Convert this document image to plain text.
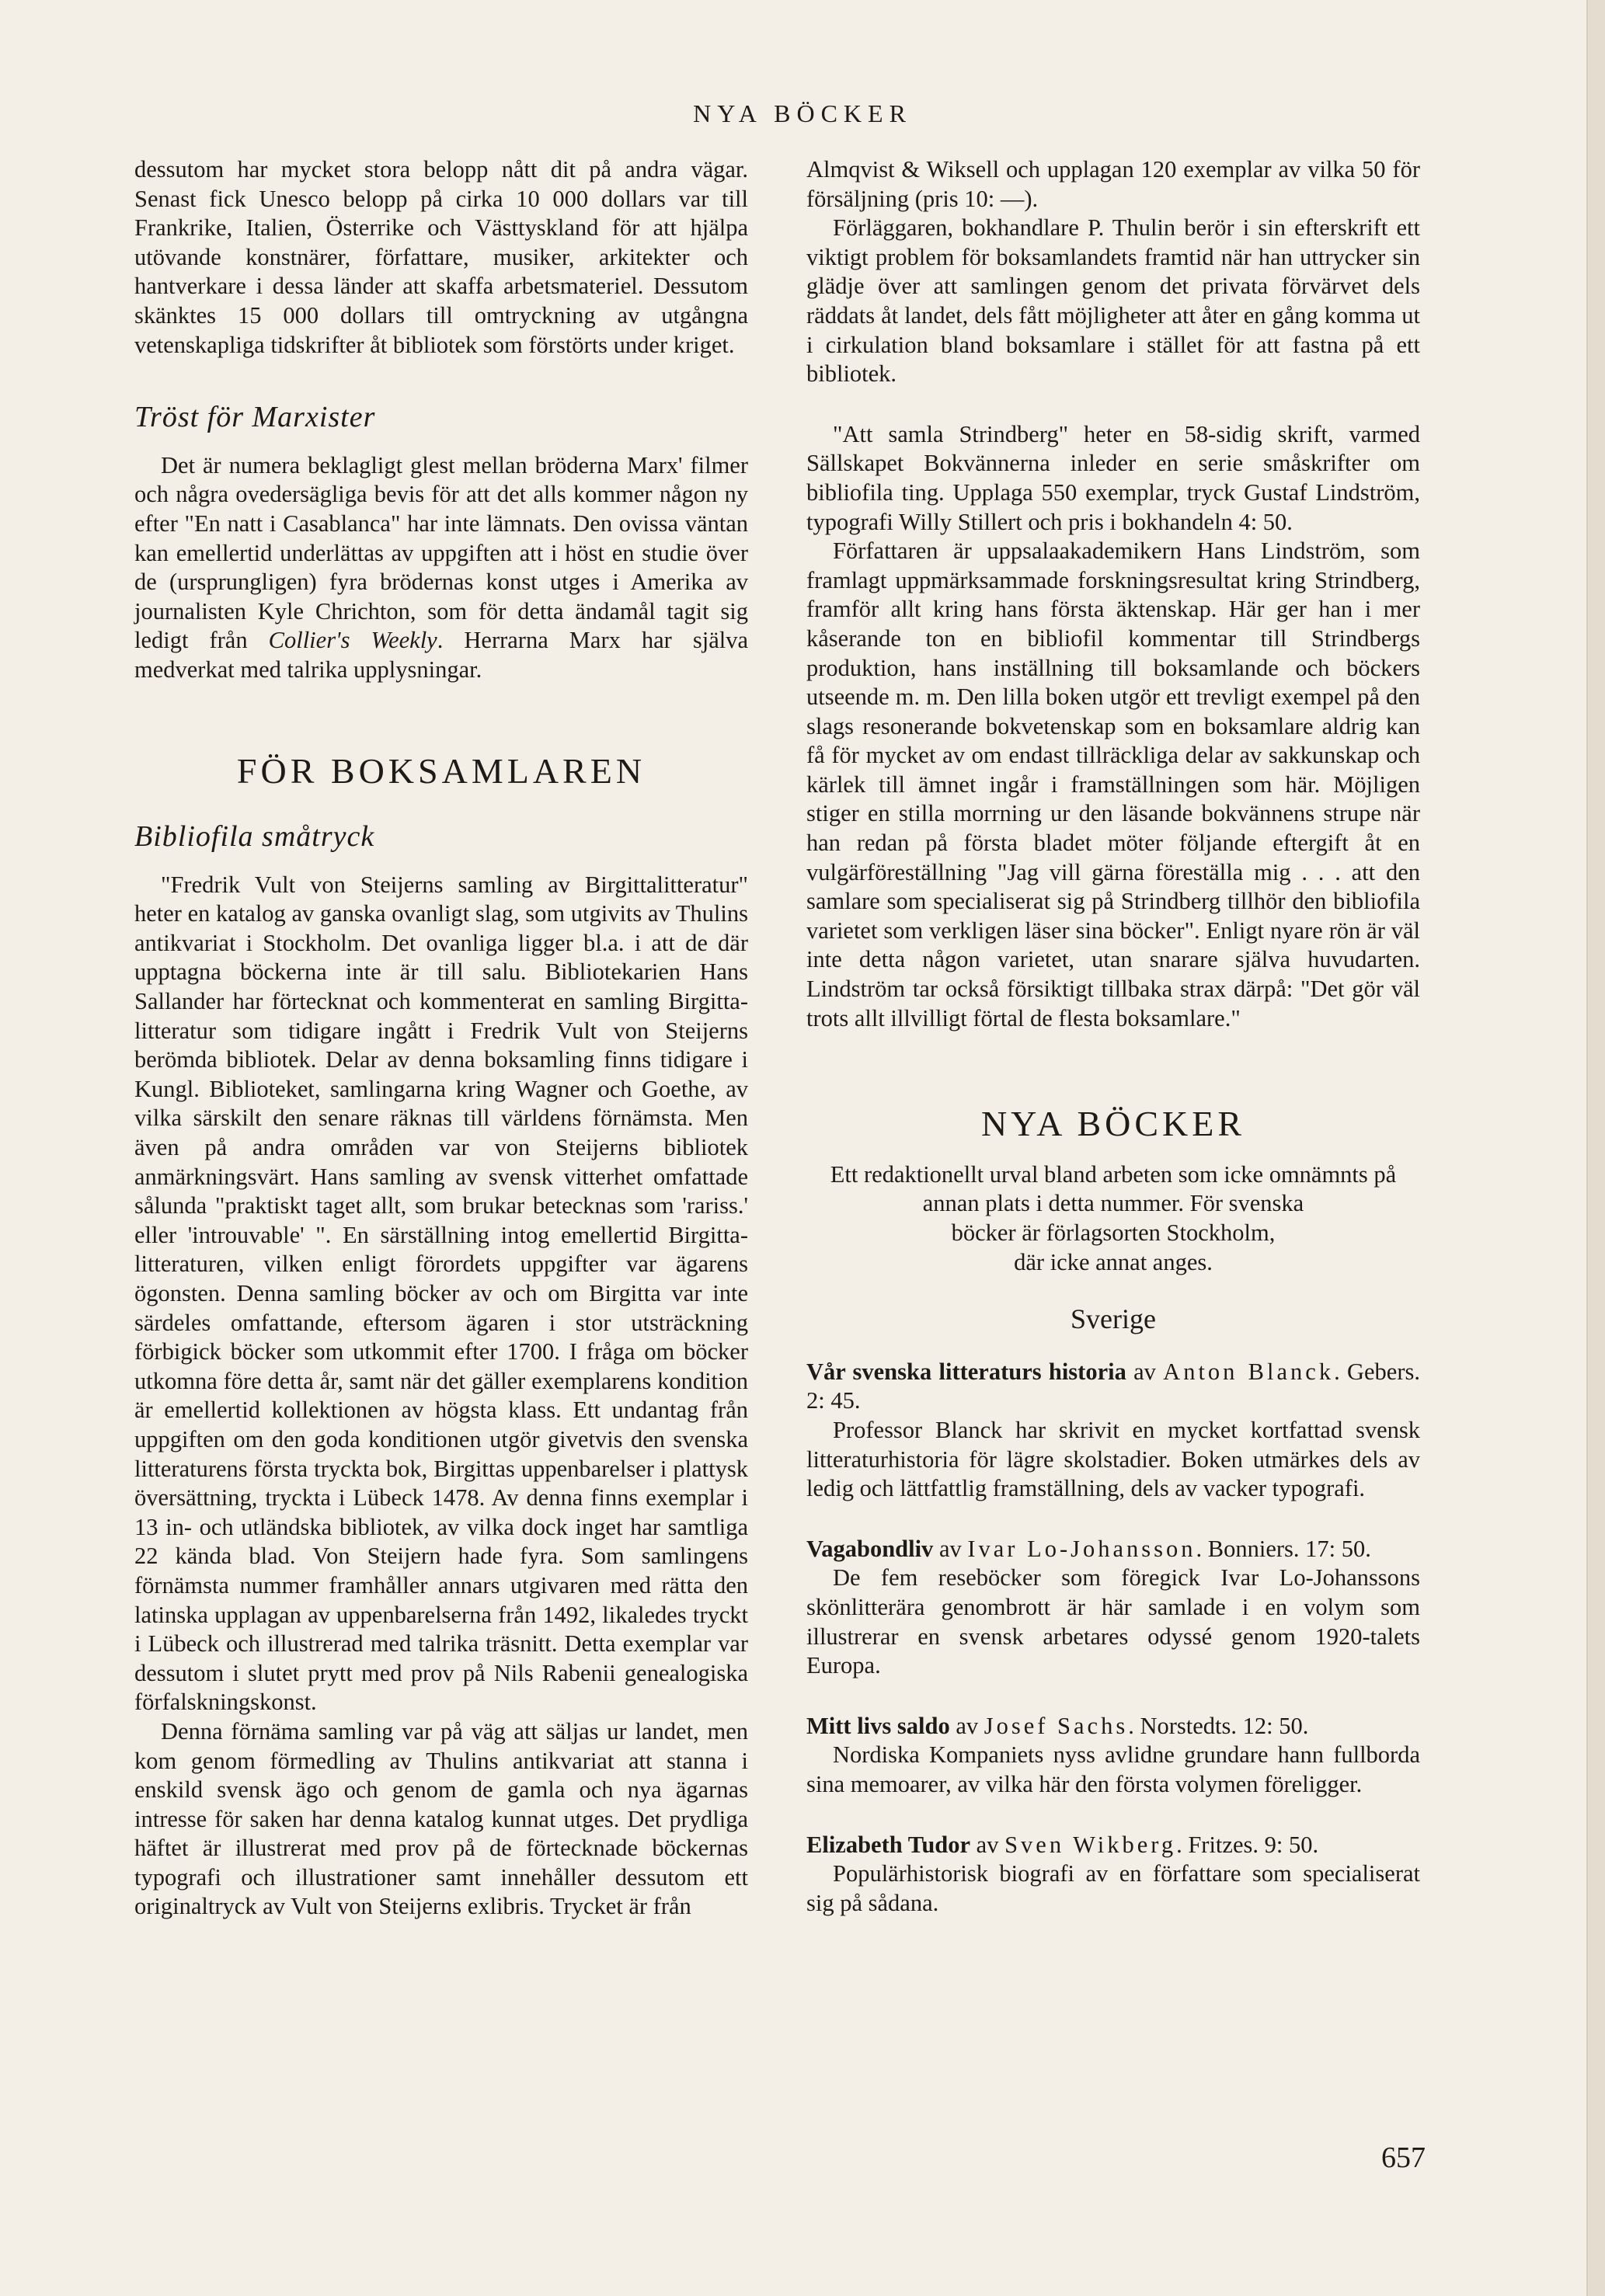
NYA BÖCKER

dessutom har mycket stora belopp nått dit på andra vägar. Senast fick Unesco belopp på cirka 10 000 dollars var till Frankrike, Italien, Österrike och Västtyskland för att hjälpa utövande konstnärer, författare, musiker, arkitekter och hantverkare i dessa länder att skaffa arbetsmateriel. Dessutom skänktes 15 000 dollars till omtryckning av utgångna vetenskapliga tidskrifter åt bibliotek som förstörts under kriget.

Tröst för Marxister

Det är numera beklagligt glest mellan bröderna Marx' filmer och några ovedersägliga bevis för att det alls kommer någon ny efter "En natt i Casablanca" har inte lämnats. Den ovissa väntan kan emellertid underlättas av uppgiften att i höst en studie över de (ursprungligen) fyra brödernas konst utges i Amerika av journalisten Kyle Chrichton, som för detta ändamål tagit sig ledigt från Collier's Weekly. Herrarna Marx har själva medverkat med talrika upplysningar.

FÖR BOKSAMLAREN
Bibliofila småtryck

"Fredrik Vult von Steijerns samling av Birgittalitteratur" heter en katalog av ganska ovanligt slag, som utgivits av Thulins antikvariat i Stockholm. Det ovanliga ligger bl.a. i att de där upptagna böckerna inte är till salu. Bibliotekarien Hans Sallander har förtecknat och kommenterat en samling Birgitta-litteratur som tidigare ingått i Fredrik Vult von Steijerns berömda bibliotek. Delar av denna boksamling finns tidigare i Kungl. Biblioteket, samlingarna kring Wagner och Goethe, av vilka särskilt den senare räknas till världens förnämsta. Men även på andra områden var von Steijerns bibliotek anmärkningsvärt. Hans samling av svensk vitterhet omfattade sålunda "praktiskt taget allt, som brukar betecknas som 'rariss.' eller 'introuvable' ". En särställning intog emellertid Birgitta-litteraturen, vilken enligt förordets uppgifter var ägarens ögonsten. Denna samling böcker av och om Birgitta var inte särdeles omfattande, eftersom ägaren i stor utsträckning förbigick böcker som utkommit efter 1700. I fråga om böcker utkomna före detta år, samt när det gäller exemplarens kondition är emellertid kollektionen av högsta klass. Ett undantag från uppgiften om den goda konditionen utgör givetvis den svenska litteraturens första tryckta bok, Birgittas uppenbarelser i plattysk översättning, tryckta i Lübeck 1478. Av denna finns exemplar i 13 in- och utländska bibliotek, av vilka dock inget har samtliga 22 kända blad. Von Steijern hade fyra. Som samlingens förnämsta nummer framhåller annars utgivaren med rätta den latinska upplagan av uppenbarelserna från 1492, likaledes tryckt i Lübeck och illustrerad med talrika träsnitt. Detta exemplar var dessutom i slutet prytt med prov på Nils Rabenii genealogiska förfalskningskonst.

Denna förnäma samling var på väg att säljas ur landet, men kom genom förmedling av Thulins antikvariat att stanna i enskild svensk ägo och genom de gamla och nya ägarnas intresse för saken har denna katalog kunnat utges. Det prydliga häftet är illustrerat med prov på de förtecknade böckernas typografi och illustrationer samt innehåller dessutom ett originaltryck av Vult von Steijerns exlibris. Trycket är från

Almqvist & Wiksell och upplagan 120 exemplar av vilka 50 för försäljning (pris 10: —).

Förläggaren, bokhandlare P. Thulin berör i sin efterskrift ett viktigt problem för boksamlandets framtid när han uttrycker sin glädje över att samlingen genom det privata förvärvet dels räddats åt landet, dels fått möjligheter att åter en gång komma ut i cirkulation bland boksamlare i stället för att fastna på ett bibliotek.

"Att samla Strindberg" heter en 58-sidig skrift, varmed Sällskapet Bokvännerna inleder en serie småskrifter om bibliofila ting. Upplaga 550 exemplar, tryck Gustaf Lindström, typografi Willy Stillert och pris i bokhandeln 4: 50.

Författaren är uppsalaakademikern Hans Lindström, som framlagt uppmärksammade forskningsresultat kring Strindberg, framför allt kring hans första äktenskap. Här ger han i mer kåserande ton en bibliofil kommentar till Strindbergs produktion, hans inställning till boksamlande och böckers utseende m. m. Den lilla boken utgör ett trevligt exempel på den slags resonerande bokvetenskap som en boksamlare aldrig kan få för mycket av om endast tillräckliga delar av sakkunskap och kärlek till ämnet ingår i framställningen som här. Möjligen stiger en stilla morrning ur den läsande bokvännens strupe när han redan på första bladet möter följande eftergift åt en vulgärföreställning "Jag vill gärna föreställa mig . . . att den samlare som specialiserat sig på Strindberg tillhör den bibliofila varietet som verkligen läser sina böcker". Enligt nyare rön är väl inte detta någon varietet, utan snarare själva huvudarten. Lindström tar också försiktigt tillbaka strax därpå: "Det gör väl trots allt illvilligt förtal de flesta boksamlare."

NYA BÖCKER

Ett redaktionellt urval bland arbeten som icke omnämnts på annan plats i detta nummer. För svenska

böcker är förlagsorten Stockholm,

där icke annat anges.

Sverige

Vår svenska litteraturs historia av Anton Blanck. Gebers. 2: 45.

Professor Blanck har skrivit en mycket kortfattad svensk litteraturhistoria för lägre skolstadier. Boken utmärkes dels av ledig och lättfattlig framställning, dels av vacker typografi.

Vagabondliv av Ivar Lo-Johansson. Bonniers. 17: 50.

De fem reseböcker som föregick Ivar Lo-Johanssons skönlitterära genombrott är här samlade i en volym som illustrerar en svensk arbetares odyssé genom 1920-talets Europa.

Mitt livs saldo av Josef Sachs. Norstedts. 12: 50.

Nordiska Kompaniets nyss avlidne grundare hann fullborda sina memoarer, av vilka här den första volymen föreligger.

Elizabeth Tudor av Sven Wikberg. Fritzes. 9: 50.

Populärhistorisk biografi av en författare som specialiserat sig på sådana.

657
